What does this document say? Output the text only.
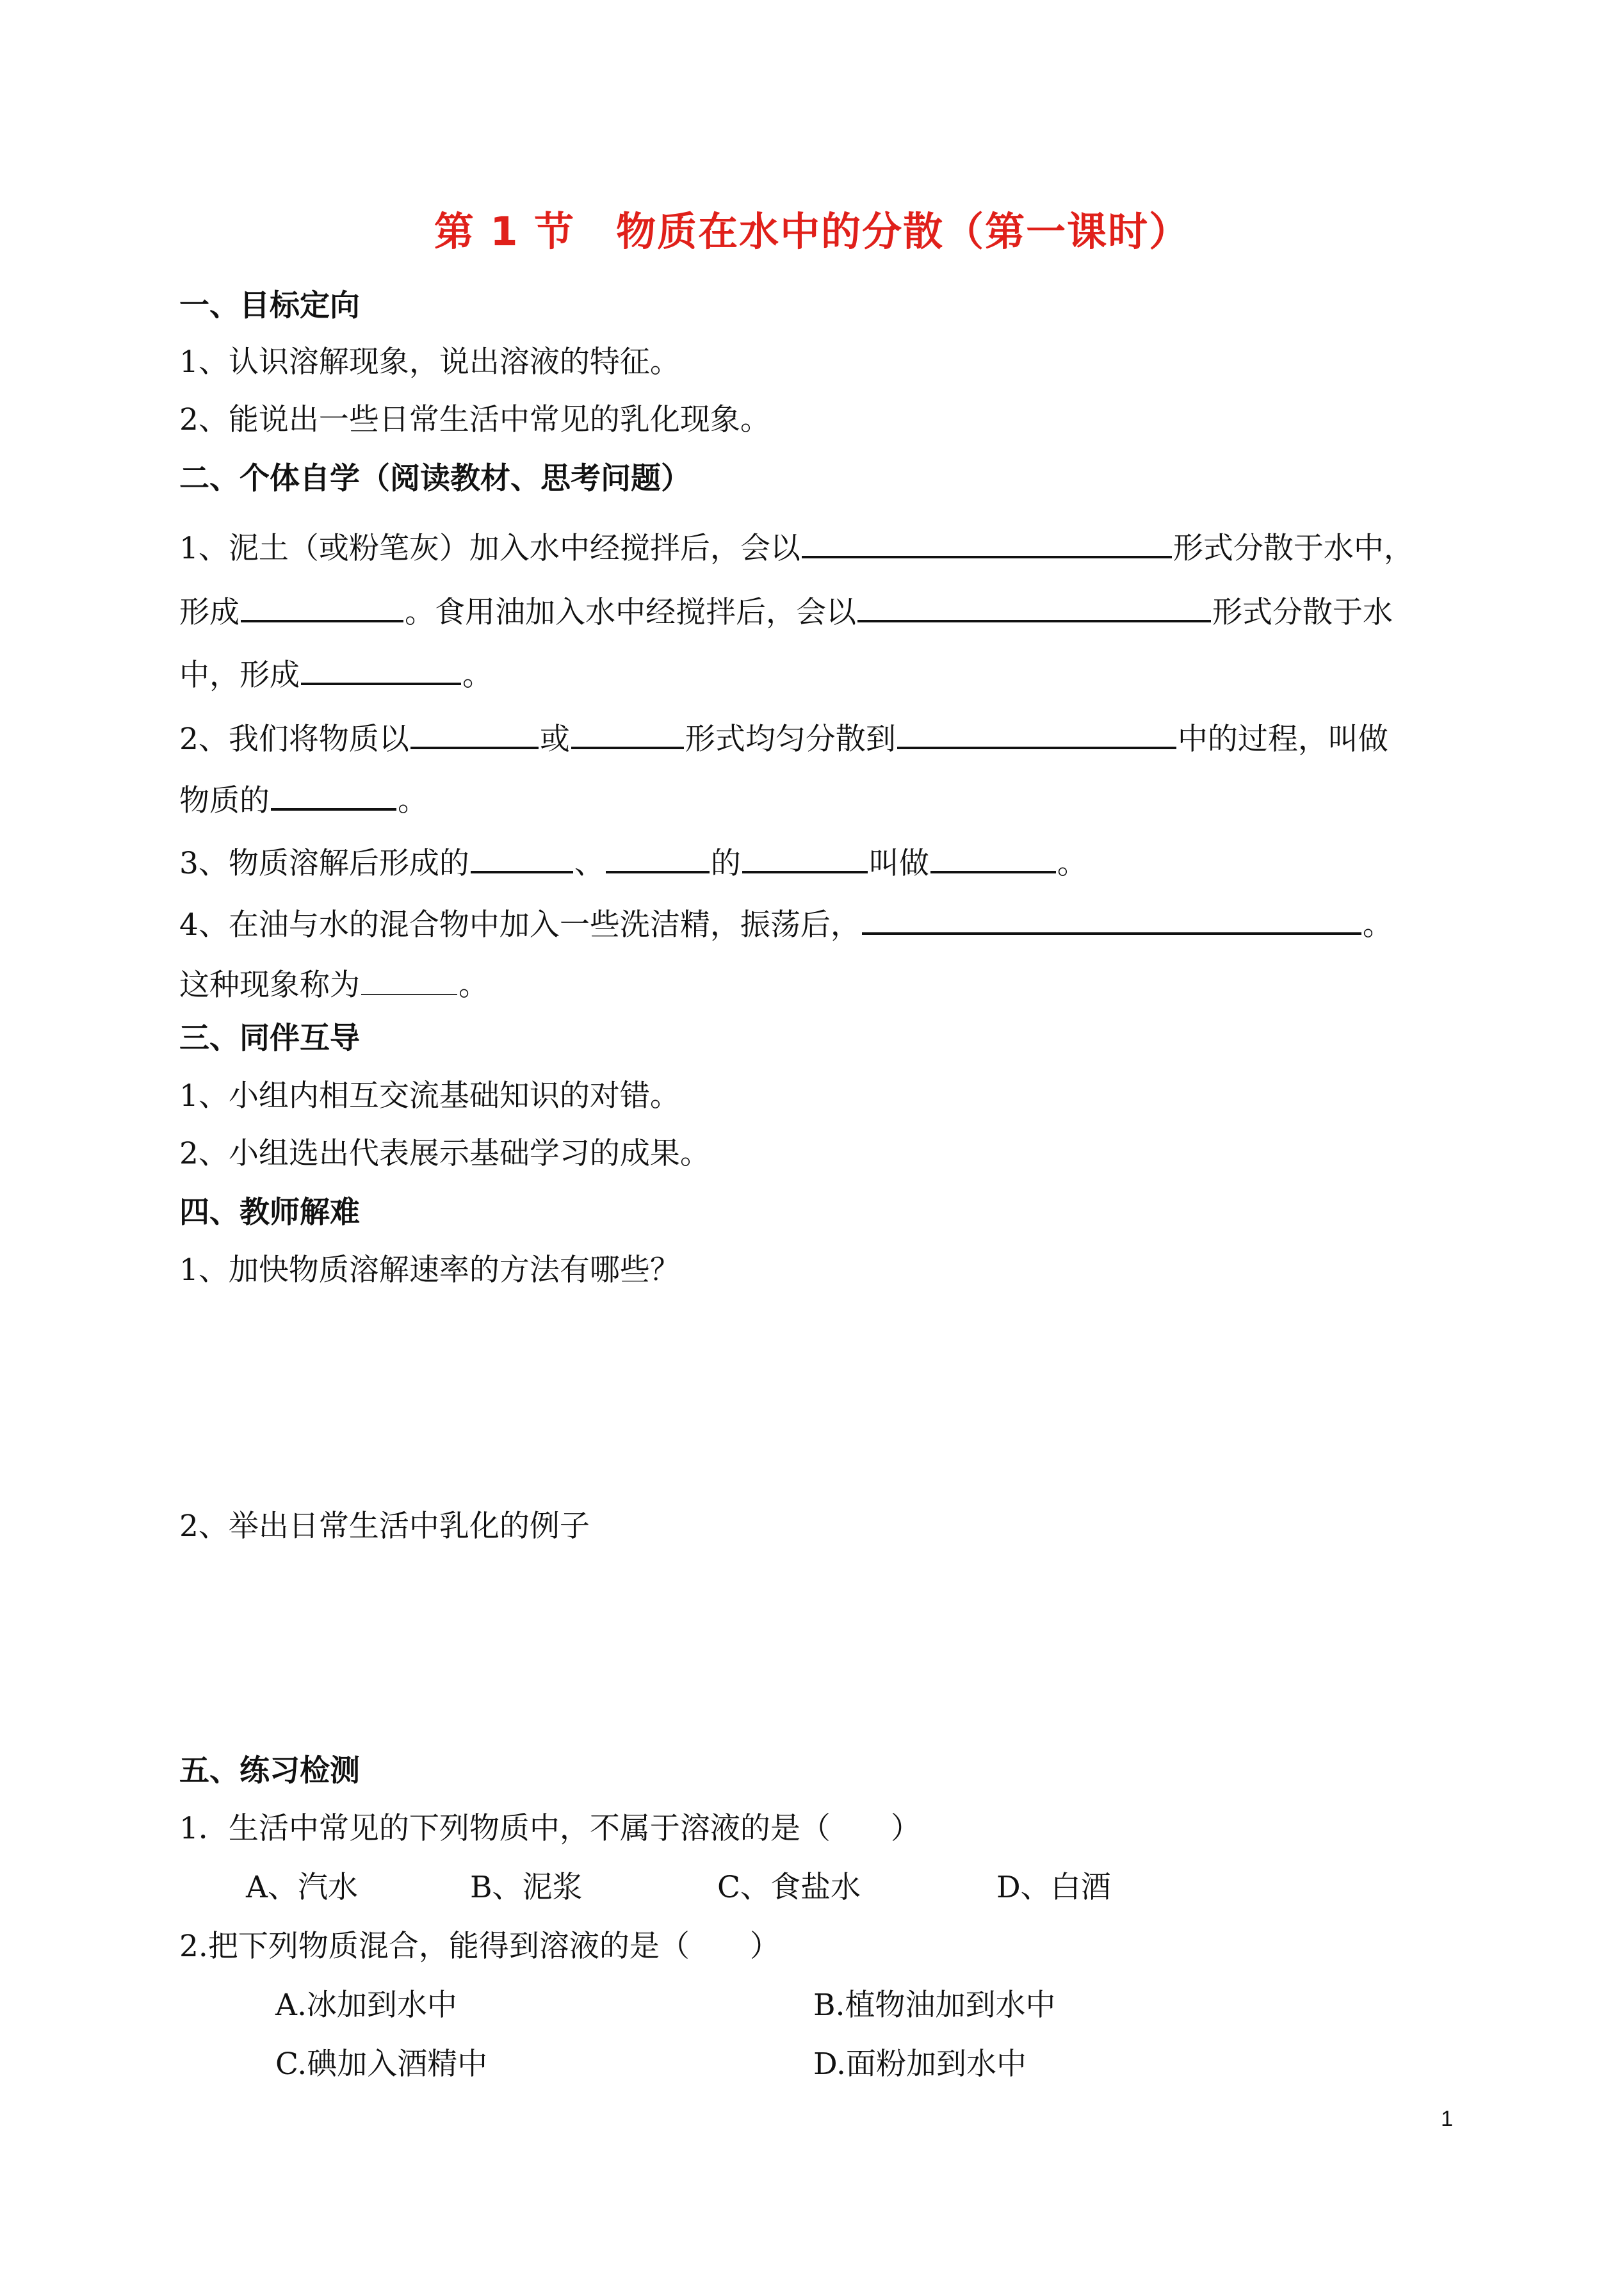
第 1 节　物质在水中的分散（第一课时）
一、目标定向
1、认识溶解现象，说出溶液的特征。
2、能说出一些日常生活中常见的乳化现象。
二、个体自学（阅读教材、思考问题）
1、泥土（或粉笔灰）加入水中经搅拌后，会以	形式分散于水中，
形成	。食用油加入水中经搅拌后，会以	形式分散于水
中，形成	。
2、我们将物质以	或	形式均匀分散到	中的过程，叫做
物质的	。
3、物质溶解后形成的	、	的	叫做	。
4、在油与水的混合物中加入一些洗洁精，振荡后，	。
这种现象称为	。
三、同伴互导
1、小组内相互交流基础知识的对错。
2、小组选出代表展示基础学习的成果。
四、教师解难
1、加快物质溶解速率的方法有哪些？
2、举出日常生活中乳化的例子
五、练习检测
1．生活中常见的下列物质中，不属于溶液的是（　　）
A、汽水	B、泥浆	C、食盐水	D、白酒
2.把下列物质混合，能得到溶液的是（　　）
A.冰加到水中	B.植物油加到水中
C.碘加入酒精中	D.面粉加到水中
1
